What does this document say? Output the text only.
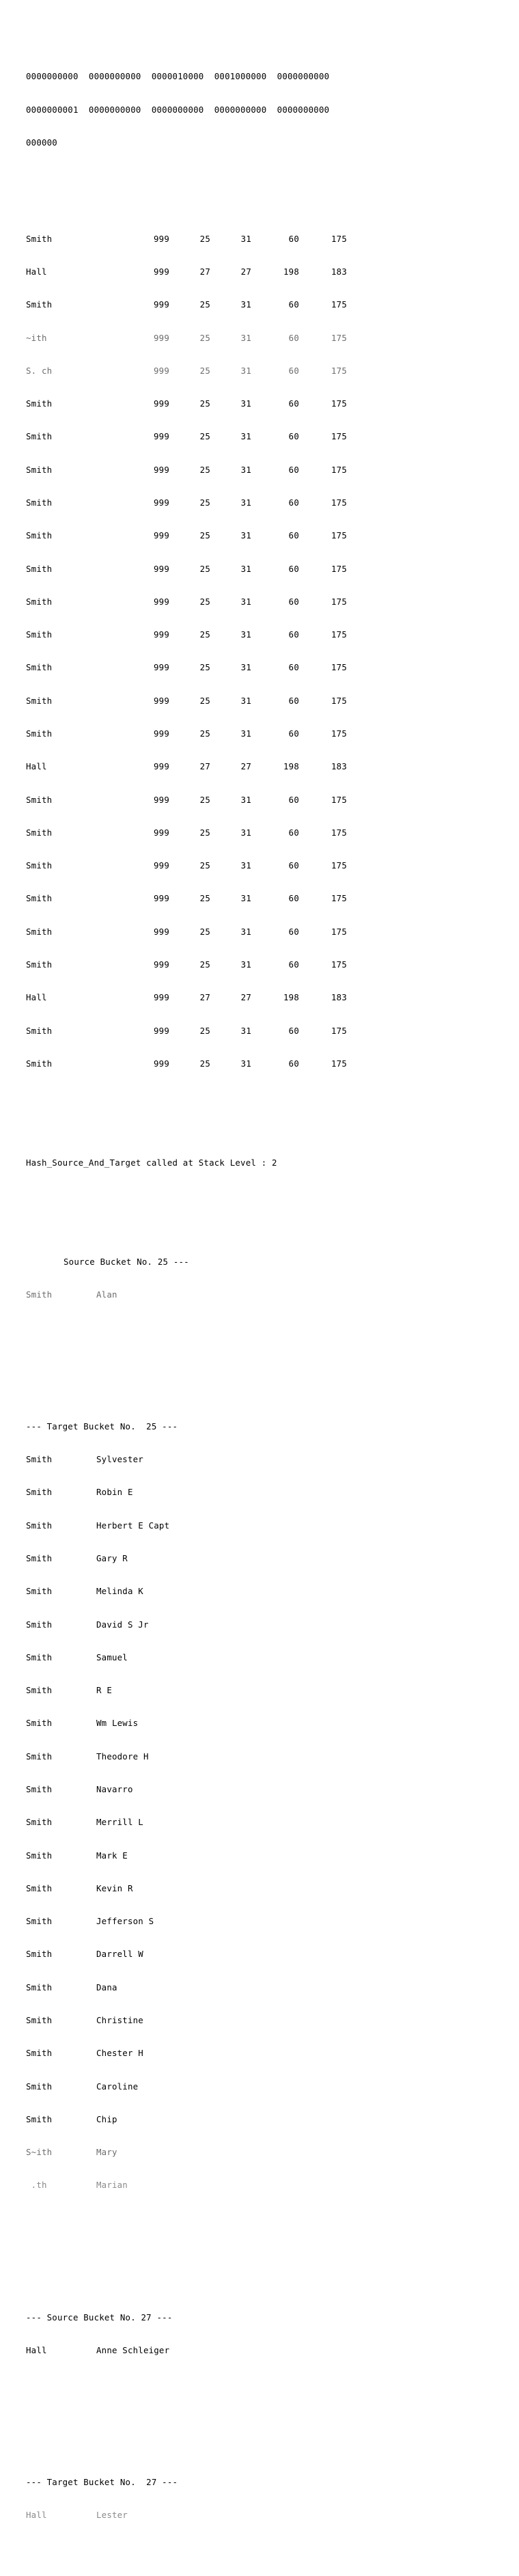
0000000000  0000000000  0000010000  0001000000  0000000000

0000000001  0000000000  0000000000  0000000000  0000000000

000000

Smith	999	25	31	60	175

Hall	999	27	27	198	183

Smith	999	25	31	60	175

~ith	999	25	31	60	175

S. ch	999	25	31	60	175

Smith	999	25	31	60	175

Smith	999	25	31	60	175

Smith	999	25	31	60	175

Smith	999	25	31	60	175

Smith	999	25	31	60	175

Smith	999	25	31	60	175

Smith	999	25	31	60	175

Smith	999	25	31	60	175

Smith	999	25	31	60	175

Smith	999	25	31	60	175

Smith	999	25	31	60	175

Hall	999	27	27	198	183

Smith	999	25	31	60	175

Smith	999	25	31	60	175

Smith	999	25	31	60	175

Smith	999	25	31	60	175

Smith	999	25	31	60	175

Smith	999	25	31	60	175

Hall	999	27	27	198	183

Smith	999	25	31	60	175

Smith	999	25	31	60	175

Hash_Source_And_Target called at Stack Level : 2

Source Bucket No. 25 ---

Smith	Alan

--- Target Bucket No.  25 ---

Smith	Sylvester

Smith	Robin E

Smith	Herbert E Capt

Smith	Gary R

Smith	Melinda K

Smith	David S Jr

Smith	Samuel

Smith	R E

Smith	Wm Lewis

Smith	Theodore H

Smith	Navarro

Smith	Merrill L

Smith	Mark E

Smith	Kevin R

Smith	Jefferson S

Smith	Darrell W

Smith	Dana

Smith	Christine

Smith	Chester H

Smith	Caroline

Smith	Chip

S~ith	Mary

.th	Marian

--- Source Bucket No. 27 ---

Hall	Anne Schleiger

--- Target Bucket No.  27 ---

Hall	Lester
